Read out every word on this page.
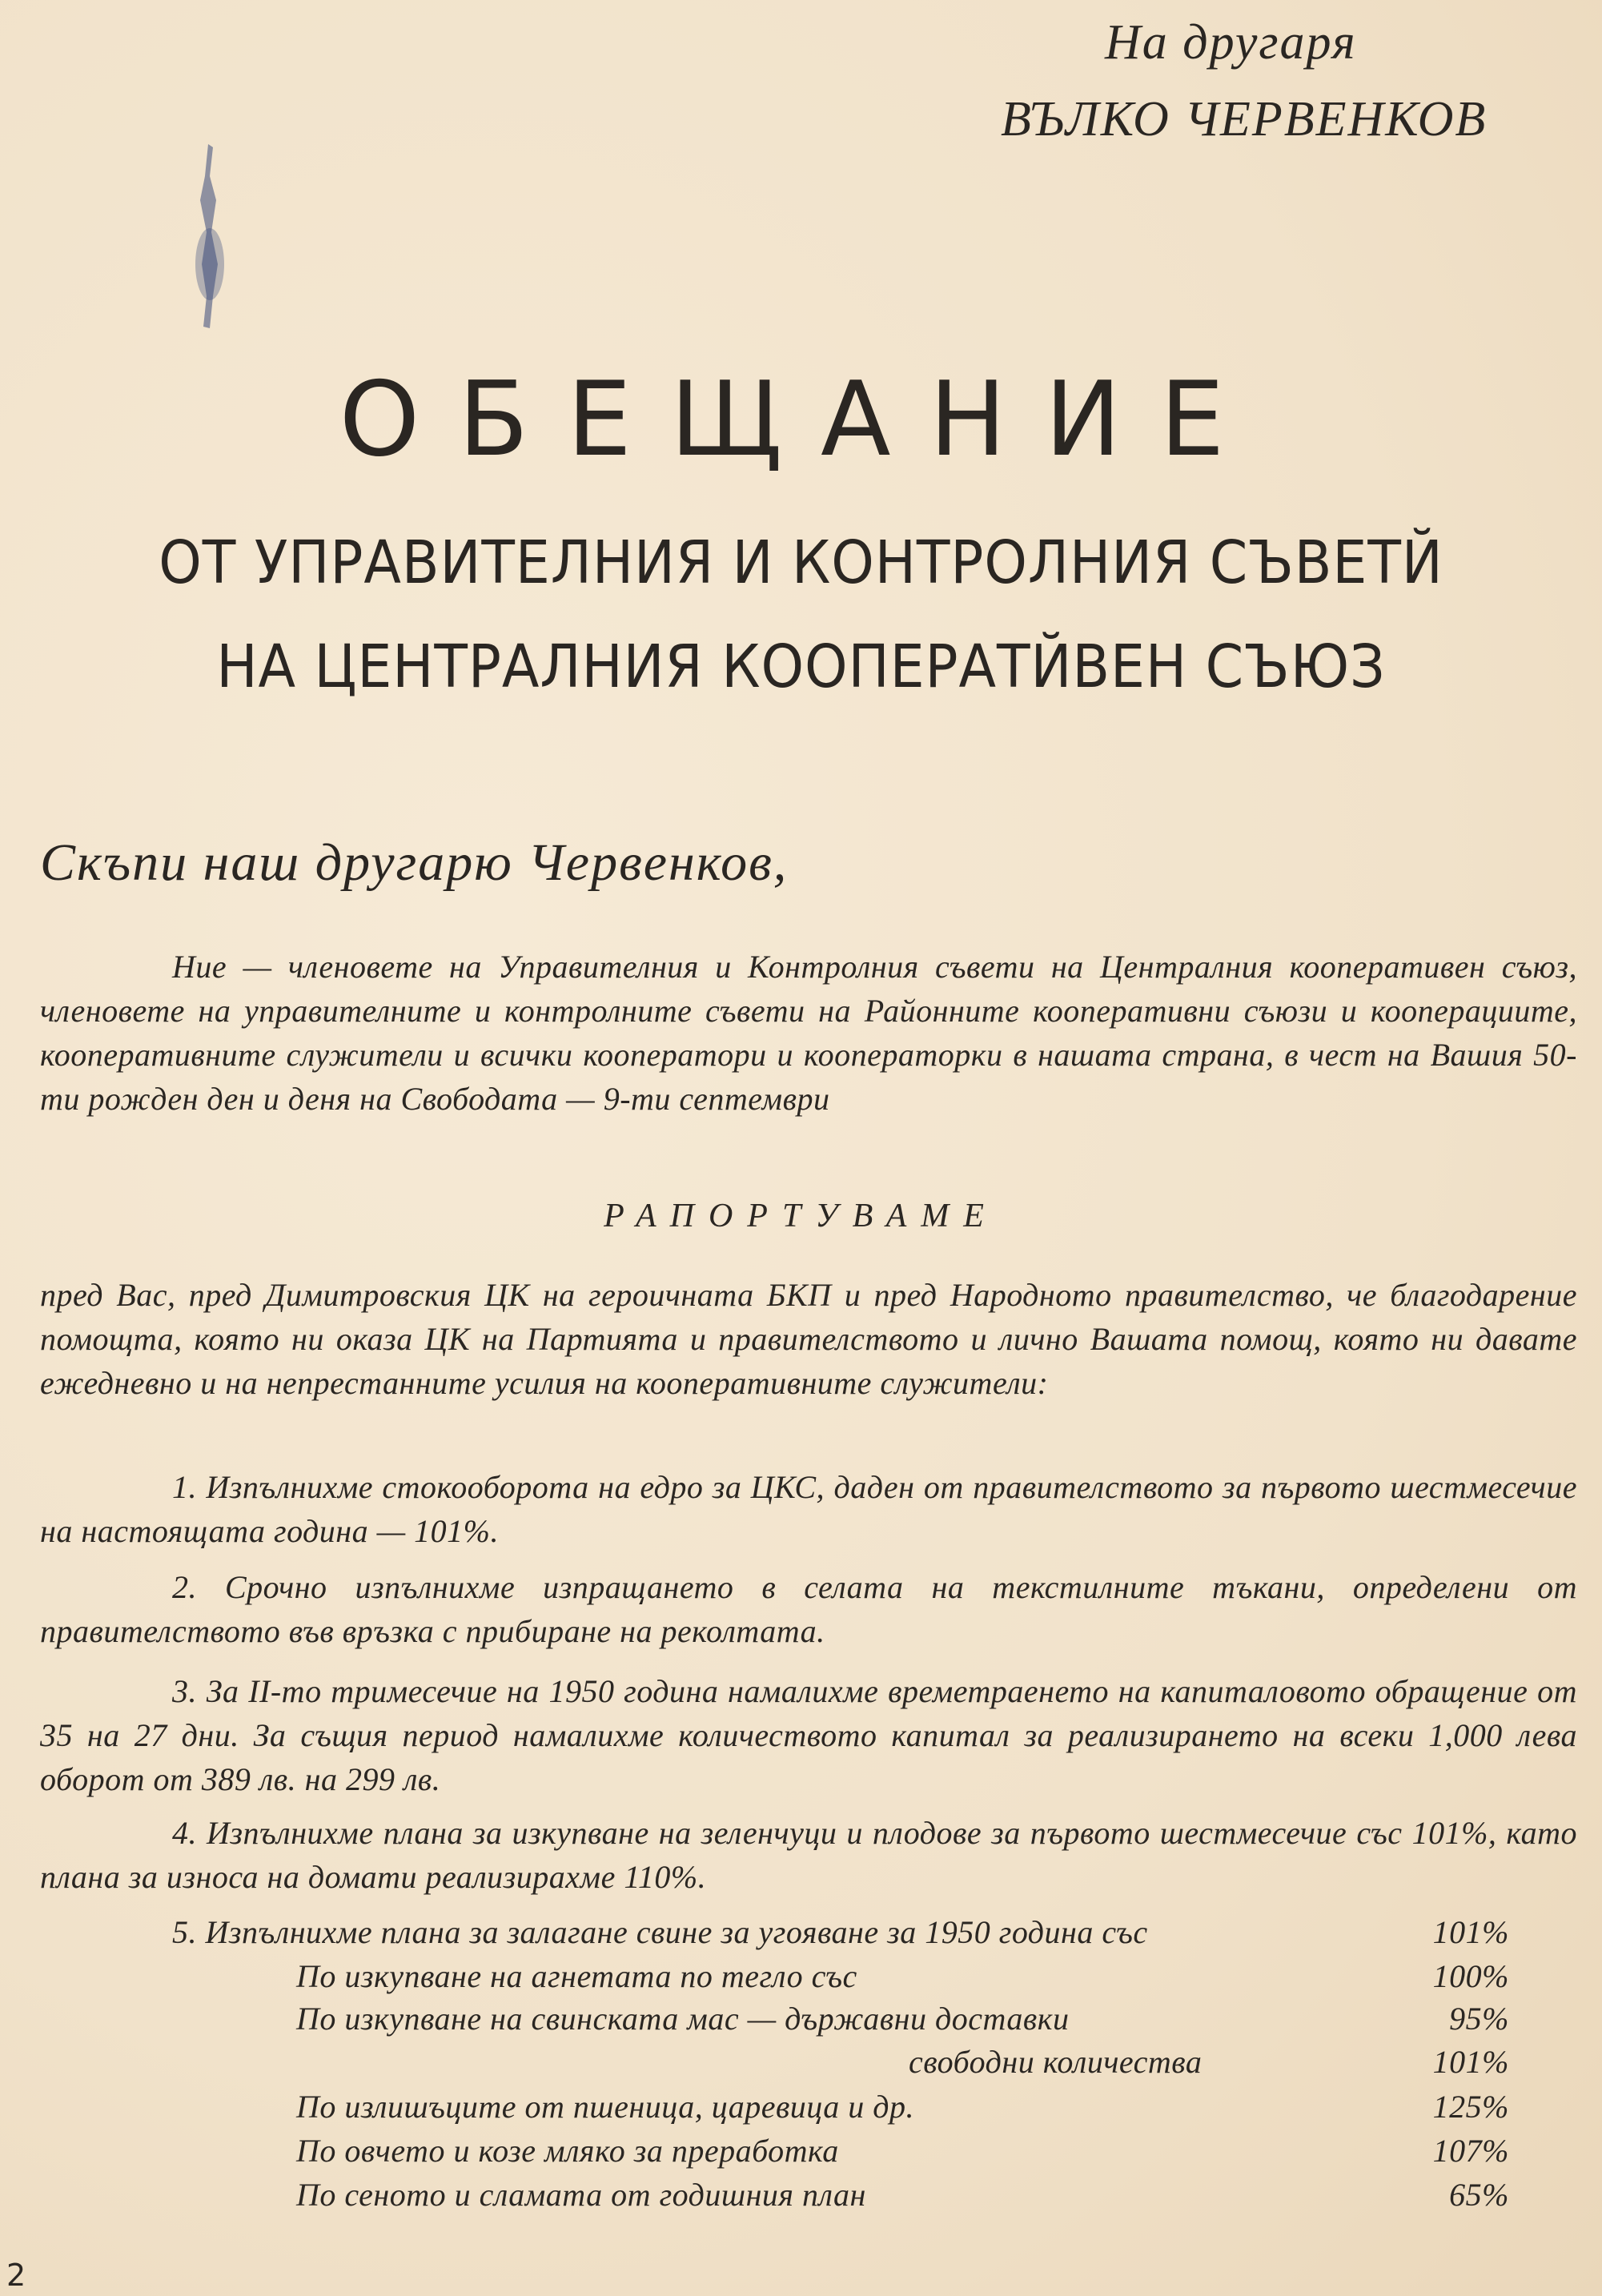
На другаря
ВЪЛКО ЧЕРВЕНКОВ
ОБЕЩАНИЕ
ОТ УПРАВИТЕЛНИЯ И КОНТРОЛНИЯ СЪВЕТЙ
НА ЦЕНТРАЛНИЯ КООПЕРАТЙВЕН СЪЮЗ
Скъпи наш другарю Червенков,
Ние — членовете на Управителния и Контролния съвети на Централния кооперативен съюз, членовете на управителните и контролните съвети на Районните кооперативни съюзи и кооперациите, кооперативните служители и всички кооператори и кооператорки в нашата страна, в чест на Вашия 50-ти рожден ден и деня на Свободата — 9-ти септември
РАПОРТУВАМЕ
пред Вас, пред Димитровския ЦК на героичната БКП и пред Народното правителство, че благодарение помощта, която ни оказа ЦК на Партията и правителството и лично Вашата помощ, която ни давате ежедневно и на непрестанните усилия на кооперативните служители:
1. Изпълнихме стокооборота на едро за ЦКС, даден от правителството за първото шестмесечие на настоящата година — 101%.
2. Срочно изпълнихме изпращането в селата на текстилните тъкани, определени от правителството във връзка с прибиране на реколтата.
3. За II-то тримесечие на 1950 година намалихме времетраенето на капиталовото обращение от 35 на 27 дни. За същия период намалихме количеството капитал за реализирането на всеки 1,000 лева оборот от 389 лв. на 299 лв.
4. Изпълнихме плана за изкупване на зеленчуци и плодове за първото шестмесечие със 101%, като плана за износа на домати реализирахме 110%.
5. Изпълнихме плана за залагане свине за угояване за 1950 година със	101%
По изкупване на агнетата по тегло със	100%
По изкупване на свинската мас — държавни доставки	95%
свободни количества	101%
По излишъците от пшеница, царевица и др.	125%
По овчето и козе мляко за преработка	107%
По сеното и сламата от годишния план	65%
2
